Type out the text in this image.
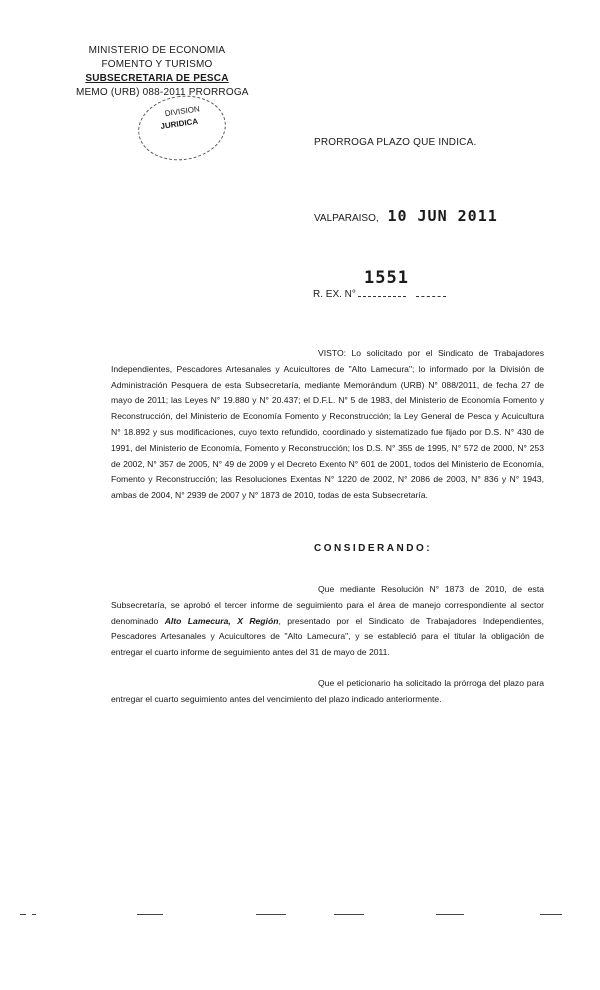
MINISTERIO DE ECONOMIA
FOMENTO Y TURISMO
SUBSECRETARIA DE PESCA
MEMO (URB) 088-2011 PRORROGA
DIVISION
JURIDICA
PRORROGA PLAZO QUE INDICA.
VALPARAISO, 10 JUN 2011
1551
R. EX. N°
VISTO: Lo solicitado por el Sindicato de Trabajadores Independientes, Pescadores Artesanales y Acuicultores de "Alto Lamecura"; lo informado por la División de Administración Pesquera de esta Subsecretaría, mediante Memorándum (URB) N° 088/2011, de fecha 27 de mayo de 2011; las Leyes N° 19.880 y N° 20.437; el D.F.L. N° 5 de 1983, del Ministerio de Economía Fomento y Reconstrucción, del Ministerio de Economía Fomento y Reconstrucción; la Ley General de Pesca y Acuicultura N° 18.892 y sus modificaciones, cuyo texto refundido, coordinado y sistematizado fue fijado por D.S. N° 430 de 1991, del Ministerio de Economía, Fomento y Reconstrucción; los D.S. N° 355 de 1995, N° 572 de 2000, N° 253 de 2002, N° 357 de 2005, N° 49 de 2009 y el Decreto Exento N° 601 de 2001, todos del Ministerio de Economía, Fomento y Reconstrucción; las Resoluciones Exentas N° 1220 de 2002, N° 2086 de 2003, N° 836 y N° 1943, ambas de 2004, N° 2939 de 2007 y N° 1873 de 2010, todas de esta Subsecretaría.
CONSIDERANDO:
Que mediante Resolución N° 1873 de 2010, de esta Subsecretaría, se aprobó el tercer informe de seguimiento para el área de manejo correspondiente al sector denominado Alto Lamecura, X Región, presentado por el Sindicato de Trabajadores Independientes, Pescadores Artesanales y Acuicultores de "Alto Lamecura", y se estableció para el titular la obligación de entregar el cuarto informe de seguimiento antes del 31 de mayo de 2011.
Que el peticionario ha solicitado la prórroga del plazo para entregar el cuarto seguimiento antes del vencimiento del plazo indicado anteriormente.
